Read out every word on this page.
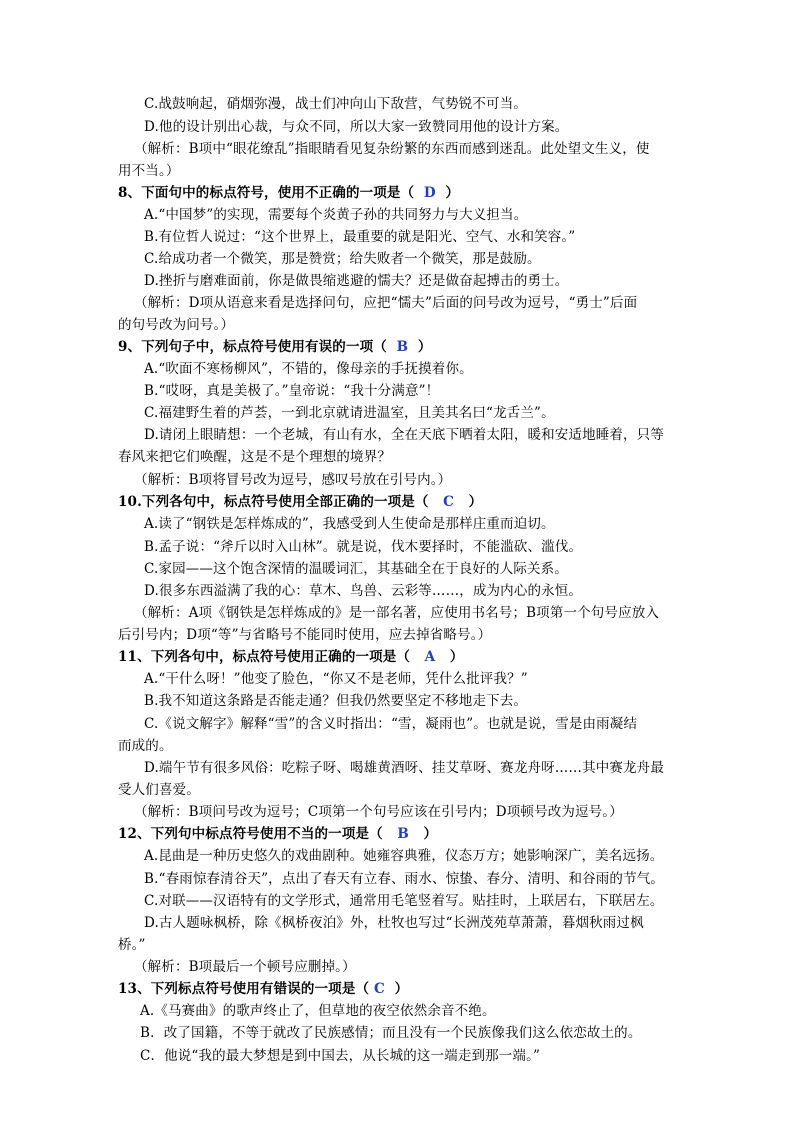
C.战鼓响起，硝烟弥漫，战士们冲向山下敌营，气势锐不可当。
D.他的设计别出心裁，与众不同，所以大家一致赞同用他的设计方案。
（解析：B项中“眼花缭乱”指眼睛看见复杂纷繁的东西而感到迷乱。此处望文生义，使
用不当。）
8、下面句中的标点符号，使用不正确的一项是（ D ）
A.“中国梦”的实现，需要每个炎黄子孙的共同努力与大义担当。
B.有位哲人说过：“这个世界上，最重要的就是阳光、空气、水和笑容。”
C.给成功者一个微笑，那是赞赏；给失败者一个微笑，那是鼓励。
D.挫折与磨难面前，你是做畏缩逃避的懦夫？还是做奋起搏击的勇士。
（解析：D项从语意来看是选择问句，应把“懦夫”后面的问号改为逗号，“勇士”后面
的句号改为问号。）
9、下列句子中，标点符号使用有误的一项（ B ）
A.“吹面不寒杨柳风”，不错的，像母亲的手抚摸着你。
B.“哎呀，真是美极了。”皇帝说：“我十分满意”！
C.福建野生着的芦荟，一到北京就请进温室，且美其名曰“龙舌兰”。
D.请闭上眼睛想：一个老城，有山有水，全在天底下晒着太阳，暖和安适地睡着，只等
春风来把它们唤醒，这是不是个理想的境界？
（解析：B项将冒号改为逗号，感叹号放在引号内。）
10.下列各句中，标点符号使用全部正确的一项是（ C ）
A.读了“钢铁是怎样炼成的”，我感受到人生使命是那样庄重而迫切。
B.孟子说：“斧斤以时入山林”。就是说，伐木要择时，不能滥砍、滥伐。
C.家园——这个饱含深情的温暖词汇，其基础全在于良好的人际关系。
D.很多东西溢满了我的心：草木、鸟兽、云彩等……，成为内心的永恒。
（解析：A项《钢铁是怎样炼成的》是一部名著，应使用书名号；B项第一个句号应放入
后引号内；D项“等”与省略号不能同时使用，应去掉省略号。）
11、下列各句中，标点符号使用正确的一项是（ A ）
A.“干什么呀！”他变了脸色，“你又不是老师，凭什么批评我？”
B.我不知道这条路是否能走通？但我仍然要坚定不移地走下去。
C.《说文解字》解释“雪”的含义时指出：“雪，凝雨也”。也就是说，雪是由雨凝结
而成的。
D.端午节有很多风俗：吃粽子呀、喝雄黄酒呀、挂艾草呀、赛龙舟呀……其中赛龙舟最
受人们喜爱。
（解析：B项问号改为逗号；C项第一个句号应该在引号内；D项顿号改为逗号。）
12、下列句中标点符号使用不当的一项是（ B ）
A.昆曲是一种历史悠久的戏曲剧种。她雍容典雅，仪态万方；她影响深广，美名远扬。
B.“春雨惊春清谷天”，点出了春天有立春、雨水、惊蛰、春分、清明、和谷雨的节气。
C.对联——汉语特有的文学形式，通常用毛笔竖着写。贴挂时，上联居右，下联居左。
D.古人题咏枫桥，除《枫桥夜泊》外，杜牧也写过“长洲茂苑草萧萧，暮烟秋雨过枫
桥。”
（解析：B项最后一个顿号应删掉。）
13、下列标点符号使用有错误的一项是（ C ）
A.《马赛曲》的歌声终止了，但草地的夜空依然余音不绝。
B．改了国籍，不等于就改了民族感情；而且没有一个民族像我们这么依恋故土的。
C．他说“我的最大梦想是到中国去，从长城的这一端走到那一端。”
